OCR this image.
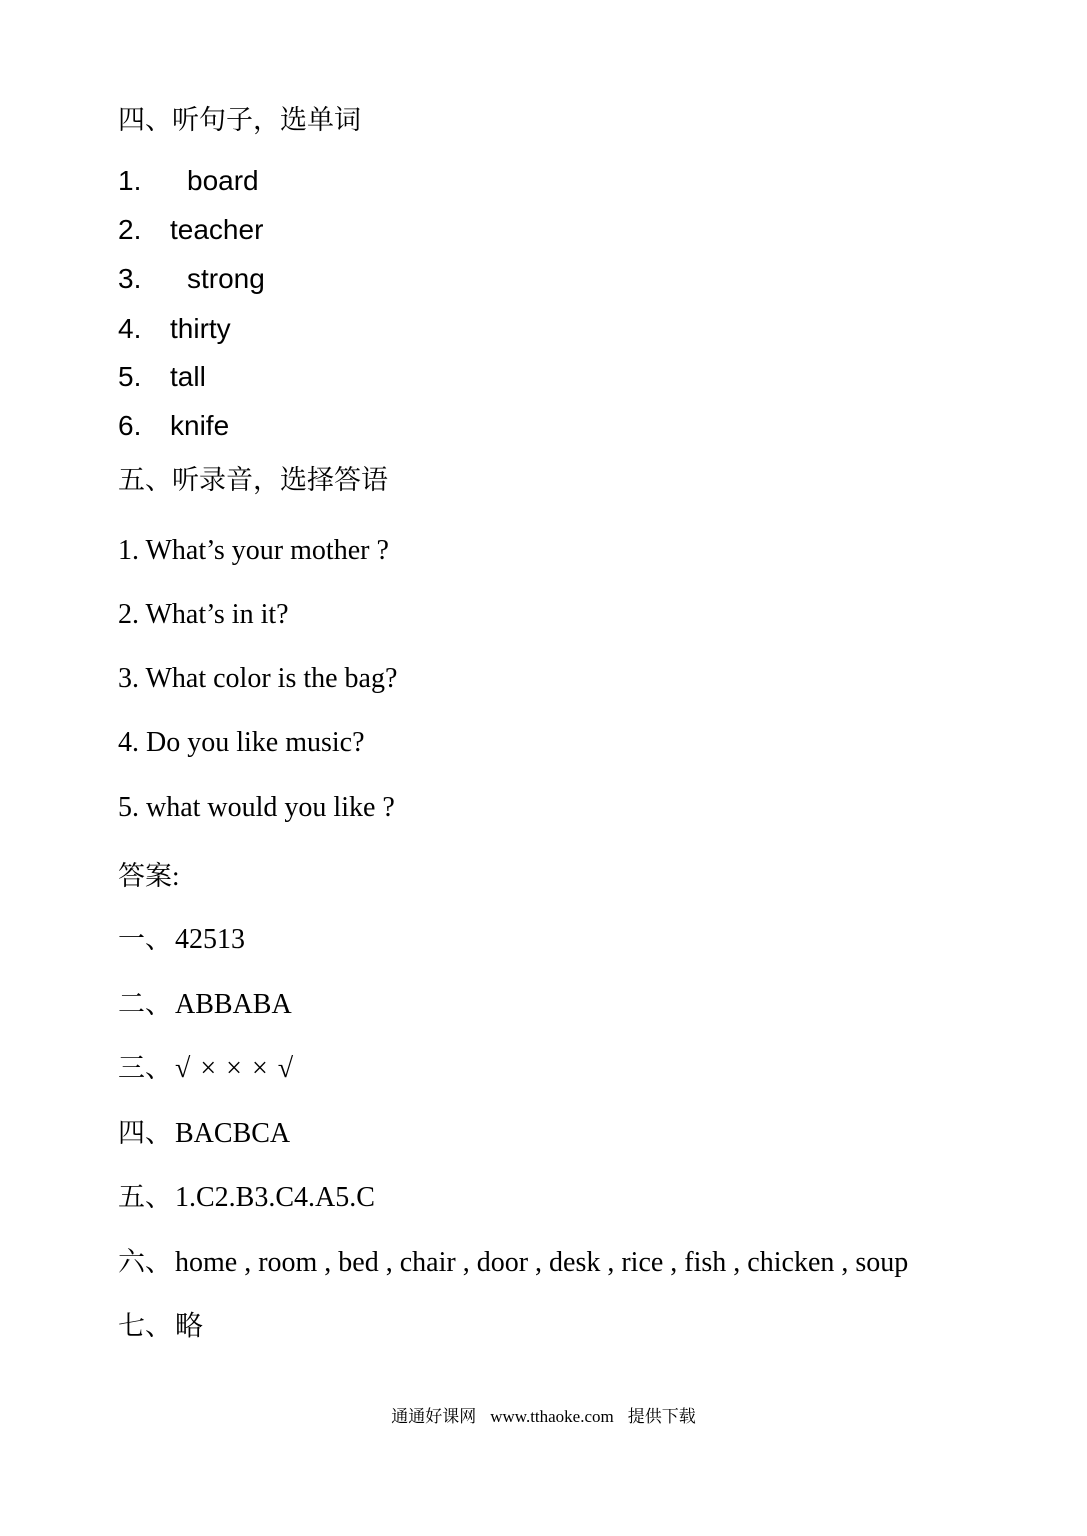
四、听句子，选单词
1. board
2. teacher
3. strong
4. thirty
5. tall
6. knife
五、听录音，选择答语
1. What’s your mother ?
2. What’s in it?
3. What color is the bag?
4. Do you like music?
5. what would you like ?
答案:
一、 42513
二、 ABBABA
三、 √×××√
四、 BACBCA
五、 1.C2.B3.C4.A5.C
六、 home , room , bed , chair , door , desk , rice , fish , chicken , soup
七、 略
通通好课网 www.tthaoke.com 提供下载
